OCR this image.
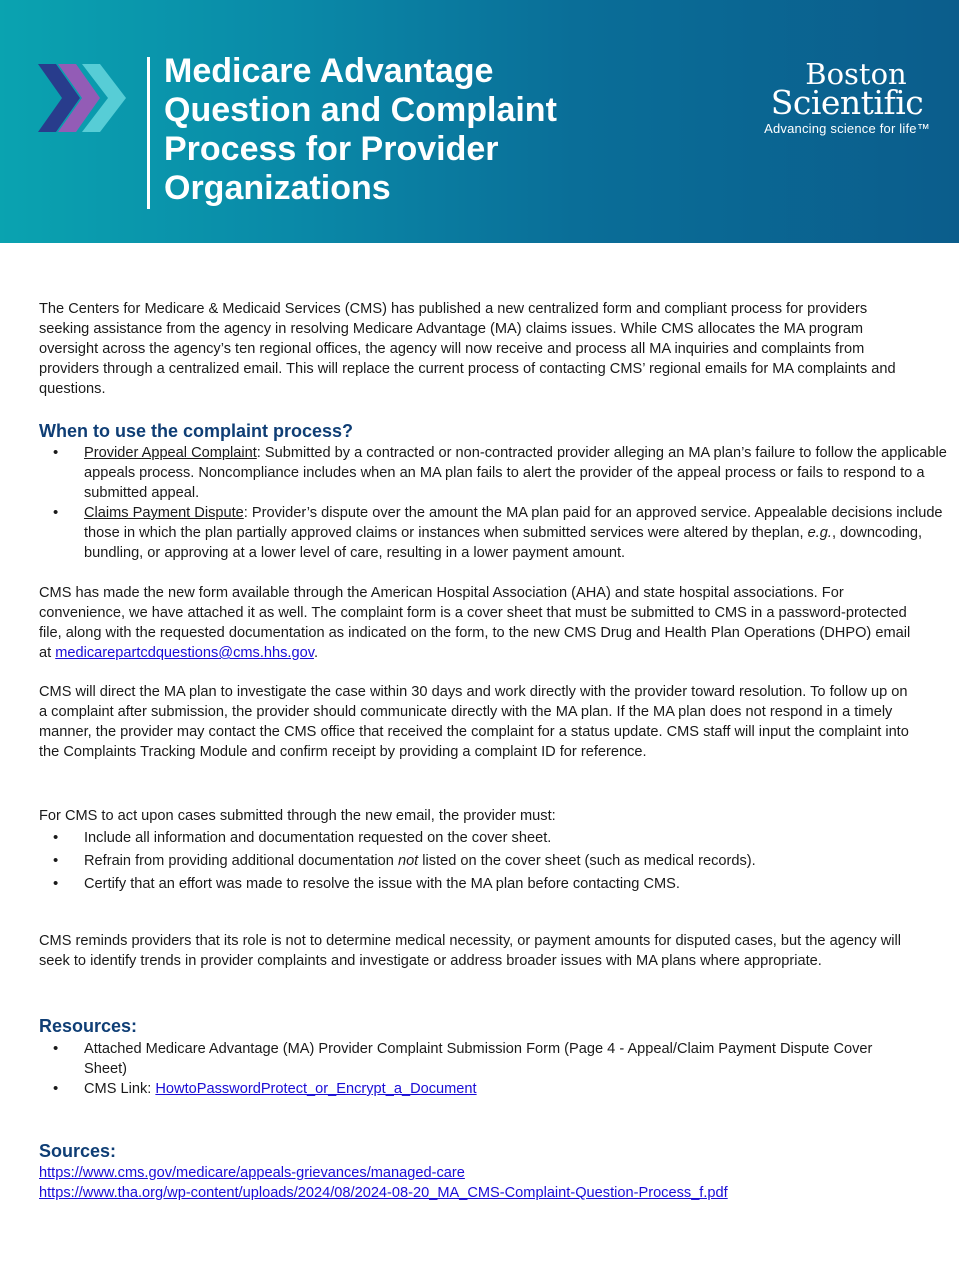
Medicare Advantage
Question and Complaint
Process for Provider
Organizations
Boston
Scientific
Advancing science for life™

The Centers for Medicare & Medicaid Services (CMS) has published a new centralized form and compliant process for providers seeking assistance from the agency in resolving Medicare Advantage (MA) claims issues. While CMS allocates the MA program oversight across the agency’s ten regional offices, the agency will now receive and process all MA inquiries and complaints from providers through a centralized email. This will replace the current process of contacting CMS’ regional emails for MA complaints and questions.

When to use the complaint process?
• Provider Appeal Complaint: Submitted by a contracted or non-contracted provider alleging an MA plan’s failure to follow the applicable appeals process. Noncompliance includes when an MA plan fails to alert the provider of the appeal process or fails to respond to a submitted appeal.
• Claims Payment Dispute: Provider’s dispute over the amount the MA plan paid for an approved service. Appealable decisions include those in which the plan partially approved claims or instances when submitted services were altered by theplan, e.g., downcoding, bundling, or approving at a lower level of care, resulting in a lower payment amount.

CMS has made the new form available through the American Hospital Association (AHA) and state hospital associations. For convenience, we have attached it as well. The complaint form is a cover sheet that must be submitted to CMS in a password-protected file, along with the requested documentation as indicated on the form, to the new CMS Drug and Health Plan Operations (DHPO) email at medicarepartcdquestions@cms.hhs.gov.

CMS will direct the MA plan to investigate the case within 30 days and work directly with the provider toward resolution. To follow up on a complaint after submission, the provider should communicate directly with the MA plan. If the MA plan does not respond in a timely manner, the provider may contact the CMS office that received the complaint for a status update. CMS staff will input the complaint into the Complaints Tracking Module and confirm receipt by providing a complaint ID for reference.

For CMS to act upon cases submitted through the new email, the provider must:

• Include all information and documentation requested on the cover sheet.
• Refrain from providing additional documentation not listed on the cover sheet (such as medical records).
• Certify that an effort was made to resolve the issue with the MA plan before contacting CMS.

CMS reminds providers that its role is not to determine medical necessity, or payment amounts for disputed cases, but the agency will seek to identify trends in provider complaints and investigate or address broader issues with MA plans where appropriate.

Resources:
• Attached Medicare Advantage (MA) Provider Complaint Submission Form (Page 4 - Appeal/Claim Payment Dispute Cover Sheet)
• CMS Link: HowtoPasswordProtect_or_Encrypt_a_Document
Sources:
https://www.cms.gov/medicare/appeals-grievances/managed-care
https://www.tha.org/wp-content/uploads/2024/08/2024-08-20_MA_CMS-Complaint-Question-Process_f.pdf
